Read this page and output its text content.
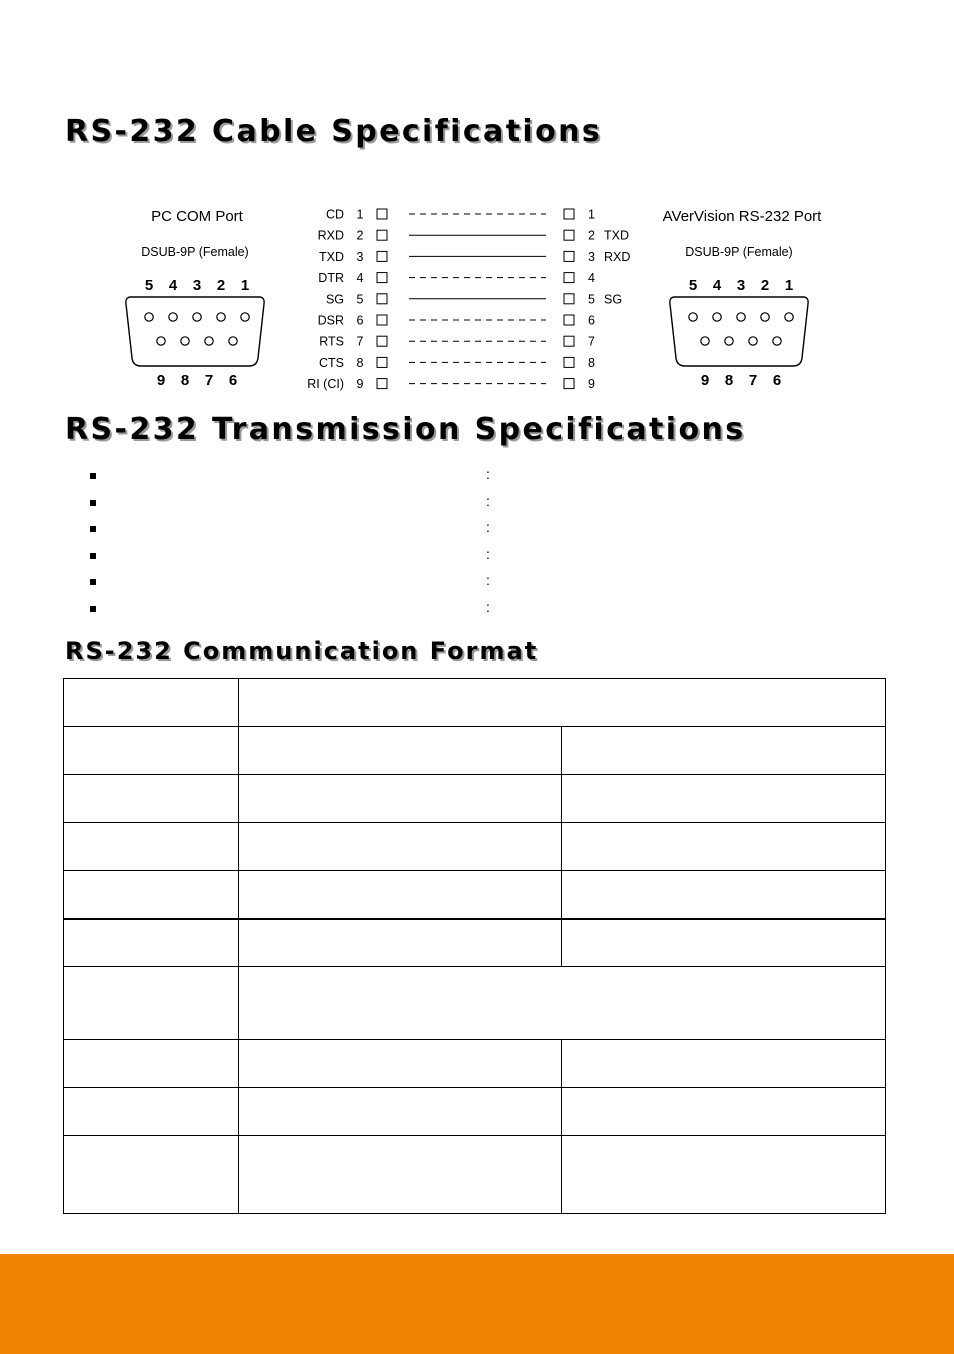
RS-232 Cable Specifications
PC COM Port
DSUB-9P (Female)
5 4 3 2 1
9 8 7 6
AVerVision RS-232 Port
DSUB-9P (Female)
5 4 3 2 1
9 8 7 6
CD 1	1
RXD 2	2 TXD
TXD 3	3 RXD
DTR 4	4
SG 5	5 SG
DSR 6	6
RTS 7	7
CTS 8	8
RI (CI) 9	9
RS-232 Transmission Specifications
:
:
:
:
:
:
RS-232 Communication Format
